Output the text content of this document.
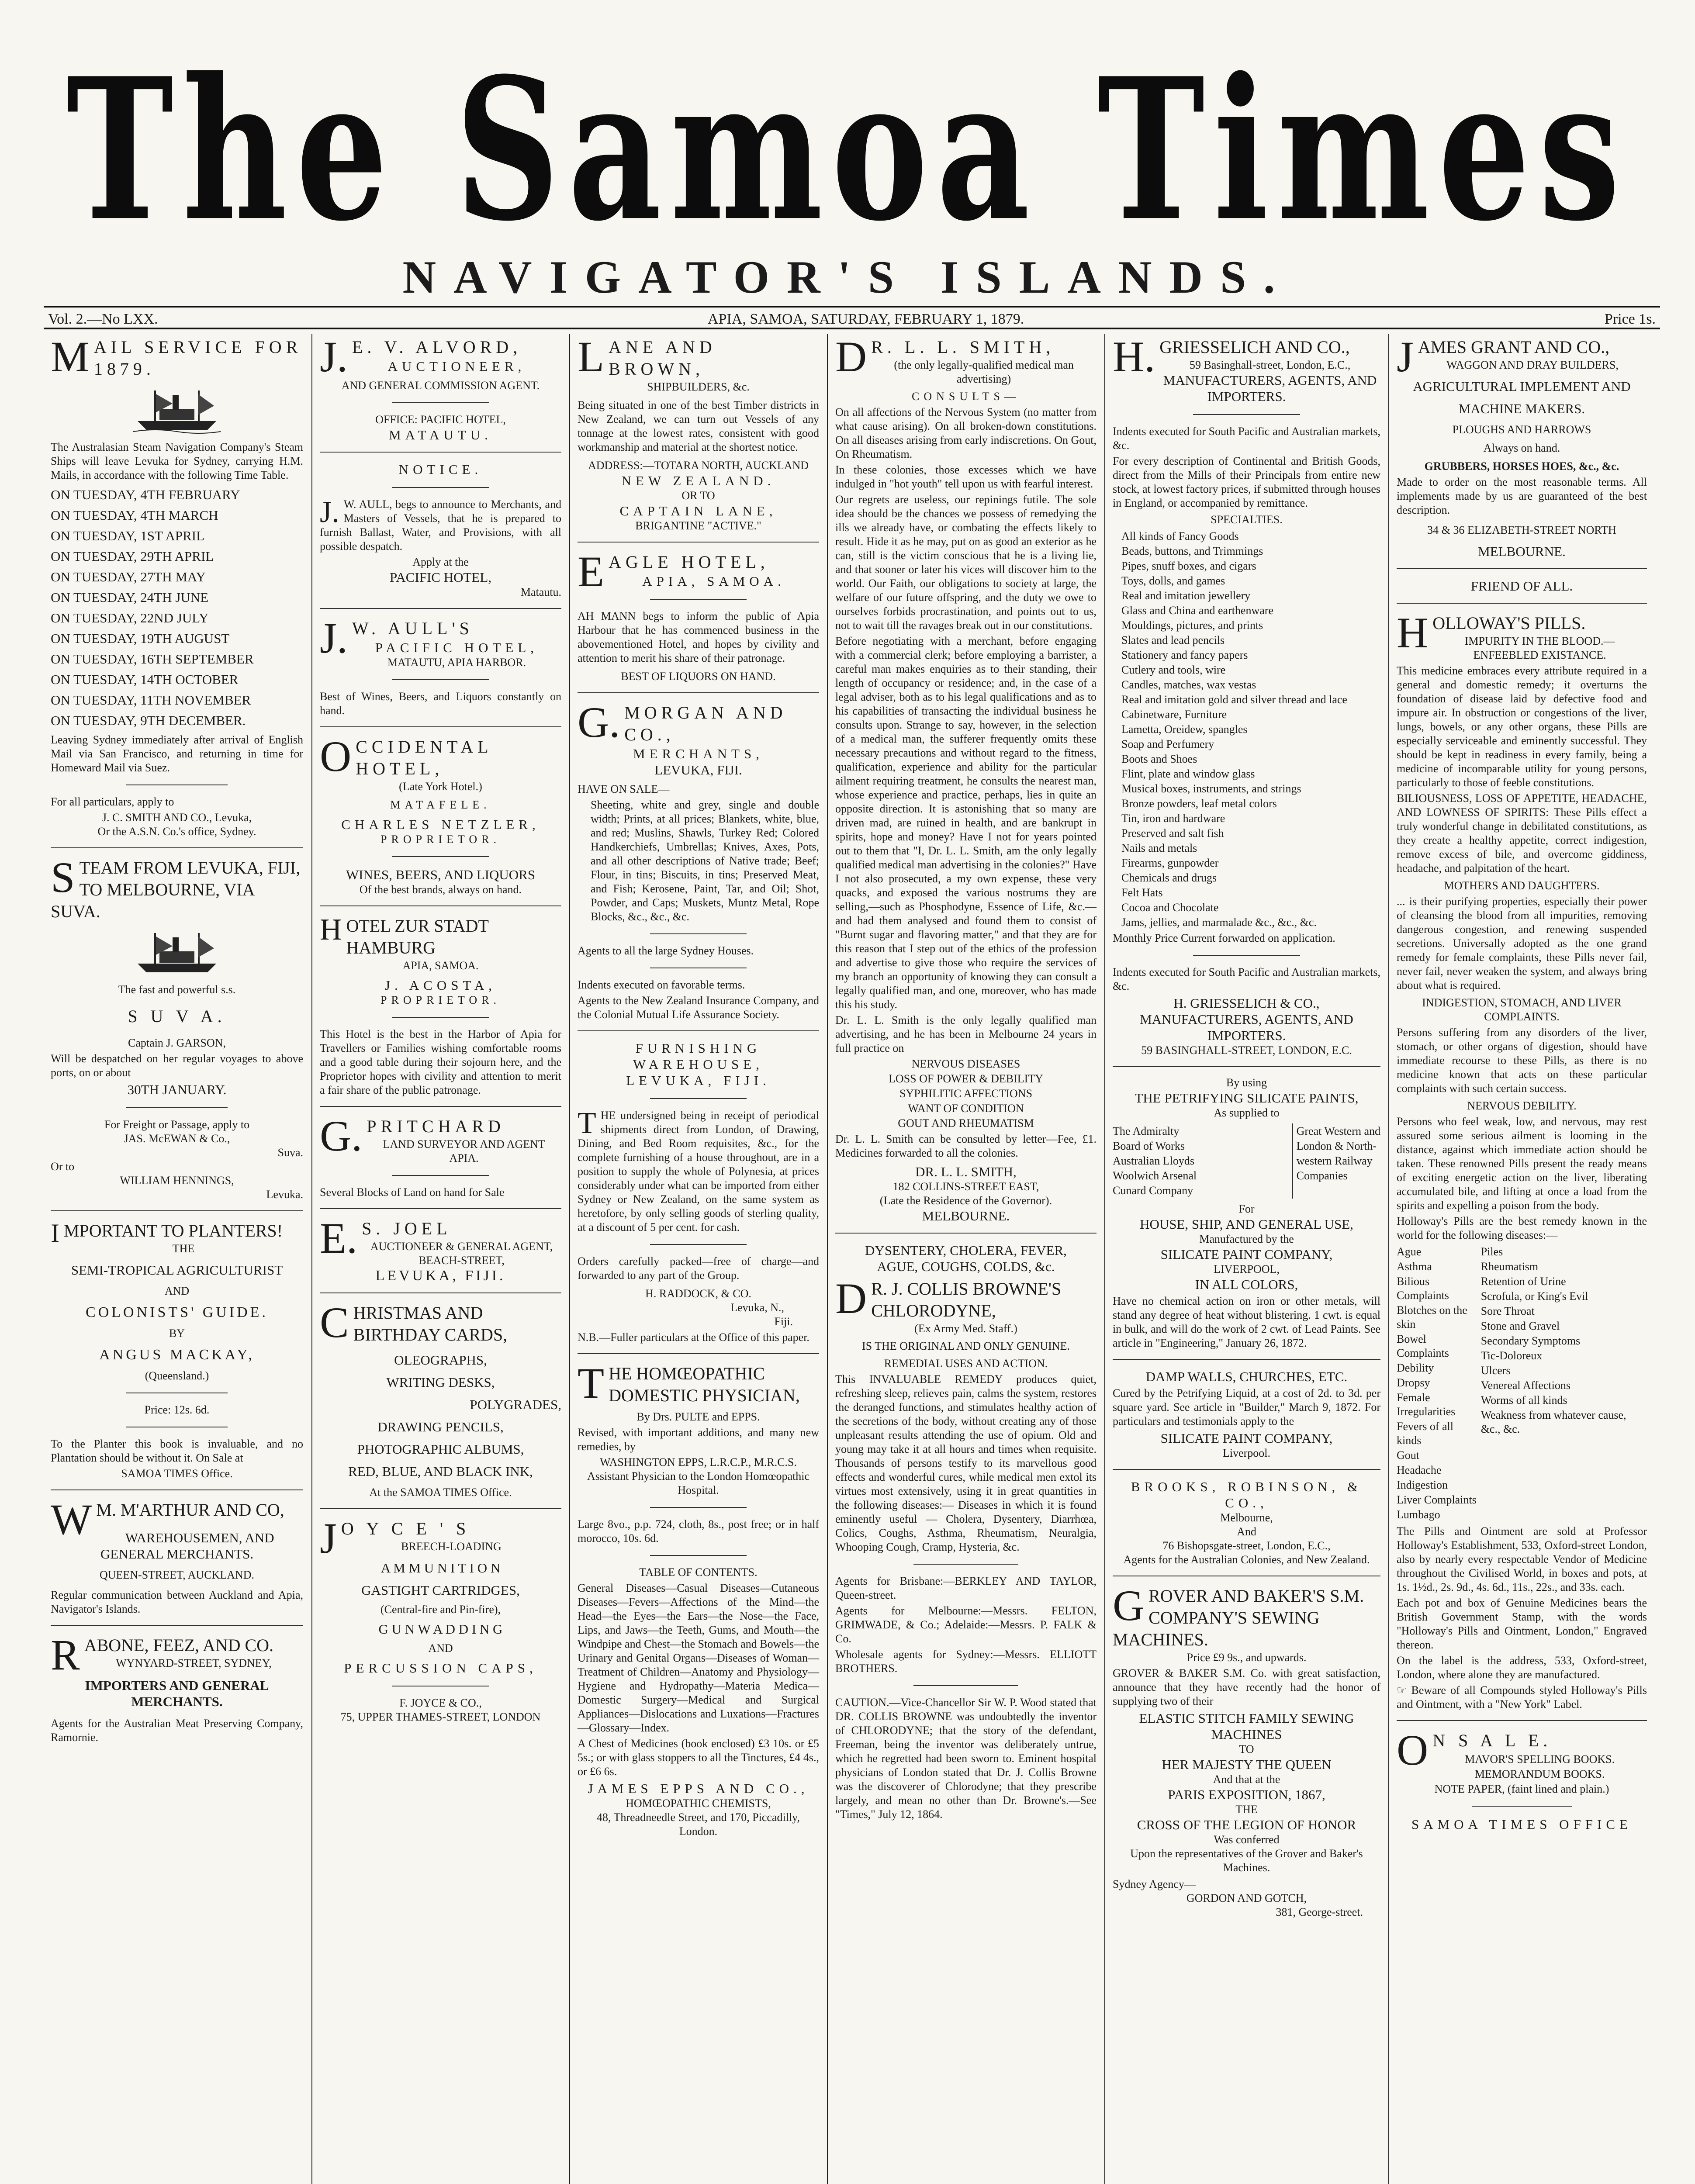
The Samoa Times
NAVIGATOR'S ISLANDS.
Vol. 2.—No LXX.	APIA, SAMOA, SATURDAY, FEBRUARY 1, 1879.	Price 1s.
MAIL SERVICE FOR 1879.

The Australasian Steam Navigation Company's Steam Ships will leave Levuka for Sydney, carrying H.M. Mails, in accordance with the following Time Table.

ON TUESDAY, 4TH FEBRUARY
ON TUESDAY, 4TH MARCH
ON TUESDAY, 1ST APRIL
ON TUESDAY, 29TH APRIL
ON TUESDAY, 27TH MAY
ON TUESDAY, 24TH JUNE
ON TUESDAY, 22ND JULY
ON TUESDAY, 19TH AUGUST
ON TUESDAY, 16TH SEPTEMBER
ON TUESDAY, 14TH OCTOBER
ON TUESDAY, 11TH NOVEMBER
ON TUESDAY, 9TH DECEMBER.

Leaving Sydney immediately after arrival of English Mail via San Francisco, and returning in time for Homeward Mail via Suez.

For all particulars, apply to

J. C. SMITH AND CO., Levuka,
Or the A.S.N. Co.'s office, Sydney.
STEAM FROM LEVUKA, FIJI, TO MELBOURNE, VIA SUVA.
The fast and powerful s.s.
S U V A.
Captain J. GARSON,

Will be despatched on her regular voyages to above ports, on or about

30TH JANUARY.
For Freight or Passage, apply to
JAS. McEWAN & Co.,
Suva.
Or to
WILLIAM HENNINGS,
Levuka.
IMPORTANT TO PLANTERS!
THE
SEMI-TROPICAL AGRICULTURIST
AND
COLONISTS' GUIDE.
BY
ANGUS MACKAY,
(Queensland.)
Price: 12s. 6d.

To the Planter this book is invaluable, and no Plantation should be without it. On Sale at

SAMOA TIMES Office.
W M. M'ARTHUR AND CO,
WAREHOUSEMEN, AND GENERAL MERCHANTS.
QUEEN-STREET, AUCKLAND.

Regular communication between Auckland and Apia, Navigator's Islands.

RABONE, FEEZ, AND CO.
WYNYARD-STREET, SYDNEY,
IMPORTERS AND GENERAL MERCHANTS.

Agents for the Australian Meat Preserving Company, Ramornie.

J. E. V. ALVORD,
AUCTIONEER,
AND GENERAL COMMISSION AGENT.
OFFICE: PACIFIC HOTEL,
MATAUTU.
NOTICE.

J. W. AULL, begs to announce to Merchants, and Masters of Vessels, that he is prepared to furnish Ballast, Water, and Provisions, with all possible despatch.

Apply at the
PACIFIC HOTEL,
Matautu.
J. W. AULL'S
PACIFIC HOTEL,
MATAUTU, APIA HARBOR.

Best of Wines, Beers, and Liquors constantly on hand.

OCCIDENTAL HOTEL,
(Late York Hotel.)
MATAFELE.
CHARLES NETZLER,
PROPRIETOR.
WINES, BEERS, AND LIQUORS
Of the best brands, always on hand.
HOTEL ZUR STADT HAMBURG
APIA, SAMOA.
J. ACOSTA,
PROPRIETOR.

This Hotel is the best in the Harbor of Apia for Travellers or Families wishing comfortable rooms and a good table during their sojourn here, and the Proprietor hopes with civility and attention to merit a fair share of the public patronage.

G. PRITCHARD
LAND SURVEYOR AND AGENT
APIA.

Several Blocks of Land on hand for Sale

E. S. JOEL
AUCTIONEER & GENERAL AGENT,
BEACH-STREET,
LEVUKA, FIJI.
CHRISTMAS AND BIRTHDAY CARDS,
OLEOGRAPHS,
WRITING DESKS,
POLYGRADES,
DRAWING PENCILS,
PHOTOGRAPHIC ALBUMS,
RED, BLUE, AND BLACK INK,
At the SAMOA TIMES Office.
J O Y C E ' S
BREECH-LOADING
A M M U N I T I O N
GASTIGHT CARTRIDGES,
(Central-fire and Pin-fire),
G U N W A D D I N G
AND
PERCUSSION CAPS,
F. JOYCE & CO.,
75, UPPER THAMES-STREET, LONDON
LANE AND BROWN,
SHIPBUILDERS, &c.

Being situated in one of the best Timber districts in New Zealand, we can turn out Vessels of any tonnage at the lowest rates, consistent with good workmanship and material at the shortest notice.

ADDRESS:—TOTARA NORTH, AUCKLAND
NEW ZEALAND.
OR TO
CAPTAIN LANE,
BRIGANTINE "ACTIVE."
EAGLE HOTEL,
APIA, SAMOA.

AH MANN begs to inform the public of Apia Harbour that he has commenced business in the abovementioned Hotel, and hopes by civility and attention to merit his share of their patronage.

BEST OF LIQUORS ON HAND.
G. MORGAN AND CO.,
MERCHANTS,
LEVUKA, FIJI.
HAVE ON SALE—

Sheeting, white and grey, single and double width; Prints, at all prices; Blankets, white, blue, and red; Muslins, Shawls, Turkey Red; Colored Handkerchiefs, Umbrellas; Knives, Axes, Pots, and all other descriptions of Native trade; Beef; Flour, in tins; Biscuits, in tins; Preserved Meat, and Fish; Kerosene, Paint, Tar, and Oil; Shot, Powder, and Caps; Muskets, Muntz Metal, Rope Blocks, &c., &c., &c.

Agents to all the large Sydney Houses.

Indents executed on favorable terms.

Agents to the New Zealand Insurance Company, and the Colonial Mutual Life Assurance Society.

FURNISHING WAREHOUSE,
LEVUKA, FIJI.

THE undersigned being in receipt of periodical shipments direct from London, of Drawing, Dining, and Bed Room requisites, &c., for the complete furnishing of a house throughout, are in a position to supply the whole of Polynesia, at prices considerably under what can be imported from either Sydney or New Zealand, on the same system as heretofore, by only selling goods of sterling quality, at a discount of 5 per cent. for cash.

Orders carefully packed—free of charge—and forwarded to any part of the Group.

H. RADDOCK, & CO.
Levuka, N.,
Fiji.

N.B.—Fuller particulars at the Office of this paper.

THE HOMŒOPATHIC DOMESTIC PHYSICIAN,
By Drs. PULTE and EPPS.

Revised, with important additions, and many new remedies, by

WASHINGTON EPPS, L.R.C.P., M.R.C.S.
Assistant Physician to the London Homœopathic Hospital.

Large 8vo., p.p. 724, cloth, 8s., post free; or in half morocco, 10s. 6d.

TABLE OF CONTENTS.

General Diseases—Casual Diseases—Cutaneous Diseases—Fevers—Affections of the Mind—the Head—the Eyes—the Ears—the Nose—the Face, Lips, and Jaws—the Teeth, Gums, and Mouth—the Windpipe and Chest—the Stomach and Bowels—the Urinary and Genital Organs—Diseases of Woman—Treatment of Children—Anatomy and Physiology—Hygiene and Hydropathy—Materia Medica—Domestic Surgery—Medical and Surgical Appliances—Dislocations and Luxations—Fractures—Glossary—Index.

A Chest of Medicines (book enclosed) £3 10s. or £5 5s.; or with glass stoppers to all the Tinctures, £4 4s., or £6 6s.

JAMES EPPS AND CO.,
HOMŒOPATHIC CHEMISTS,
48, Threadneedle Street, and 170, Piccadilly, London.
D R. L. L. SMITH,
(the only legally-qualified medical man advertising)
CONSULTS—

On all affections of the Nervous System (no matter from what cause arising). On all broken-down constitutions. On all diseases arising from early indiscretions. On Gout, On Rheumatism.

In these colonies, those excesses which we have indulged in "hot youth" tell upon us with fearful interest.

Our regrets are useless, our repinings futile. The sole idea should be the chances we possess of remedying the ills we already have, or combating the effects likely to result. Hide it as he may, put on as good an exterior as he can, still is the victim conscious that he is a living lie, and that sooner or later his vices will discover him to the world. Our Faith, our obligations to society at large, the welfare of our future offspring, and the duty we owe to ourselves forbids procrastination, and points out to us, not to wait till the ravages break out in our constitutions.

Before negotiating with a merchant, before engaging with a commercial clerk; before employing a barrister, a careful man makes enquiries as to their standing, their length of occupancy or residence; and, in the case of a legal adviser, both as to his legal qualifications and as to his capabilities of transacting the individual business he consults upon. Strange to say, however, in the selection of a medical man, the sufferer frequently omits these necessary precautions and without regard to the fitness, qualification, experience and ability for the particular ailment requiring treatment, he consults the nearest man, whose experience and practice, perhaps, lies in quite an opposite direction. It is astonishing that so many are driven mad, are ruined in health, and are bankrupt in spirits, hope and money? Have I not for years pointed out to them that "I, Dr. L. L. Smith, am the only legally qualified medical man advertising in the colonies?" Have I not also prosecuted, a my own expense, these very quacks, and exposed the various nostrums they are selling,—such as Phosphodyne, Essence of Life, &c.—and had them analysed and found them to consist of "Burnt sugar and flavoring matter," and that they are for this reason that I step out of the ethics of the profession and advertise to give those who require the services of my branch an opportunity of knowing they can consult a legally qualified man, and one, moreover, who has made this his study.

Dr. L. L. Smith is the only legally qualified man advertising, and he has been in Melbourne 24 years in full practice on

NERVOUS DISEASES
LOSS OF POWER & DEBILITY
SYPHILITIC AFFECTIONS
WANT OF CONDITION
GOUT AND RHEUMATISM

Dr. L. L. Smith can be consulted by letter—Fee, £1. Medicines forwarded to all the colonies.

DR. L. L. SMITH,
182 COLLINS-STREET EAST,
(Late the Residence of the Governor).
MELBOURNE.
DYSENTERY, CHOLERA, FEVER,
AGUE, COUGHS, COLDS, &c.
D R. J. COLLIS BROWNE'S CHLORODYNE,
(Ex Army Med. Staff.)
IS THE ORIGINAL AND ONLY GENUINE.
REMEDIAL USES AND ACTION.

This INVALUABLE REMEDY produces quiet, refreshing sleep, relieves pain, calms the system, restores the deranged functions, and stimulates healthy action of the secretions of the body, without creating any of those unpleasant results attending the use of opium. Old and young may take it at all hours and times when requisite. Thousands of persons testify to its marvellous good effects and wonderful cures, while medical men extol its virtues most extensively, using it in great quantities in the following diseases:— Diseases in which it is found eminently useful — Cholera, Dysentery, Diarrhœa, Colics, Coughs, Asthma, Rheumatism, Neuralgia, Whooping Cough, Cramp, Hysteria, &c.

Agents for Brisbane:—BERKLEY AND TAYLOR, Queen-street.

Agents for Melbourne:—Messrs. FELTON, GRIMWADE, & Co.; Adelaide:—Messrs. P. FALK & Co.

Wholesale agents for Sydney:—Messrs. ELLIOTT BROTHERS.

CAUTION.—Vice-Chancellor Sir W. P. Wood stated that DR. COLLIS BROWNE was undoubtedly the inventor of CHLORODYNE; that the story of the defendant, Freeman, being the inventor was deliberately untrue, which he regretted had been sworn to. Eminent hospital physicians of London stated that Dr. J. Collis Browne was the discoverer of Chlorodyne; that they prescribe largely, and mean no other than Dr. Browne's.—See "Times," July 12, 1864.

H. GRIESSELICH AND CO.,
59 Basinghall-street, London, E.C.,
MANUFACTURERS, AGENTS, AND IMPORTERS.

Indents executed for South Pacific and Australian markets, &c.

For every description of Continental and British Goods, direct from the Mills of their Principals from entire new stock, at lowest factory prices, if submitted through houses in England, or accompanied by remittance.

SPECIALTIES.
All kinds of Fancy Goods
Beads, buttons, and Trimmings
Pipes, snuff boxes, and cigars
Toys, dolls, and games
Real and imitation jewellery
Glass and China and earthenware
Mouldings, pictures, and prints
Slates and lead pencils
Stationery and fancy papers
Cutlery and tools, wire
Candles, matches, wax vestas
Real and imitation gold and silver thread and lace
Cabinetware, Furniture
Lametta, Oreidew, spangles
Soap and Perfumery
Boots and Shoes
Flint, plate and window glass
Musical boxes, instruments, and strings
Bronze powders, leaf metal colors
Tin, iron and hardware
Preserved and salt fish
Nails and metals
Firearms, gunpowder
Chemicals and drugs
Felt Hats
Cocoa and Chocolate
Jams, jellies, and marmalade &c., &c., &c.

Monthly Price Current forwarded on application.

Indents executed for South Pacific and Australian markets, &c.

H. GRIESSELICH & CO.,
MANUFACTURERS, AGENTS, AND IMPORTERS.
59 BASINGHALL-STREET, LONDON, E.C.
By using
THE PETRIFYING SILICATE PAINTS,
As supplied to
The Admiralty
Board of Works
Australian Lloyds
Woolwich Arsenal
Cunard Company
Great Western and
London & North-
western Railway
Companies
For
HOUSE, SHIP, AND GENERAL USE,
Manufactured by the
SILICATE PAINT COMPANY,
LIVERPOOL,
IN ALL COLORS,

Have no chemical action on iron or other metals, will stand any degree of heat without blistering. 1 cwt. is equal in bulk, and will do the work of 2 cwt. of Lead Paints. See article in "Engineering," January 26, 1872.

DAMP WALLS, CHURCHES, ETC.

Cured by the Petrifying Liquid, at a cost of 2d. to 3d. per square yard. See article in "Builder," March 9, 1872. For particulars and testimonials apply to the

SILICATE PAINT COMPANY,
Liverpool.
BROOKS, ROBINSON, & CO.,
Melbourne,
And
76 Bishopsgate-street, London, E.C.,
Agents for the Australian Colonies, and New Zealand.
GROVER AND BAKER'S S.M. COMPANY'S SEWING MACHINES.
Price £9 9s., and upwards.

GROVER & BAKER S.M. Co. with great satisfaction, announce that they have recently had the honor of supplying two of their

ELASTIC STITCH FAMILY SEWING MACHINES
TO
HER MAJESTY THE QUEEN
And that at the
PARIS EXPOSITION, 1867,
THE
CROSS OF THE LEGION OF HONOR
Was conferred
Upon the representatives of the Grover and Baker's Machines.
Sydney Agency—
GORDON AND GOTCH,
381, George-street.
JAMES GRANT AND CO.,
WAGGON AND DRAY BUILDERS,
AGRICULTURAL IMPLEMENT AND
MACHINE MAKERS.
PLOUGHS AND HARROWS
Always on hand.
GRUBBERS, HORSES HOES, &c., &c.

Made to order on the most reasonable terms. All implements made by us are guaranteed of the best description.

34 & 36 ELIZABETH-STREET NORTH
MELBOURNE.
FRIEND OF ALL.
HOLLOWAY'S PILLS.
IMPURITY IN THE BLOOD.—ENFEEBLED EXISTANCE.

This medicine embraces every attribute required in a general and domestic remedy; it overturns the foundation of disease laid by defective food and impure air. In obstruction or congestions of the liver, lungs, bowels, or any other organs, these Pills are especially serviceable and eminently successful. They should be kept in readiness in every family, being a medicine of incomparable utility for young persons, particularly to those of feeble constitutions.

BILIOUSNESS, LOSS OF APPETITE, HEADACHE, AND LOWNESS OF SPIRITS: These Pills effect a truly wonderful change in debilitated constitutions, as they create a healthy appetite, correct indigestion, remove excess of bile, and overcome giddiness, headache, and palpitation of the heart.

MOTHERS AND DAUGHTERS.

... is their purifying properties, especially their power of cleansing the blood from all impurities, removing dangerous congestion, and renewing suspended secretions. Universally adopted as the one grand remedy for female complaints, these Pills never fail, never fail, never weaken the system, and always bring about what is required.

INDIGESTION, STOMACH, AND LIVER COMPLAINTS.

Persons suffering from any disorders of the liver, stomach, or other organs of digestion, should have immediate recourse to these Pills, as there is no medicine known that acts on these particular complaints with such certain success.

NERVOUS DEBILITY.

Persons who feel weak, low, and nervous, may rest assured some serious ailment is looming in the distance, against which immediate action should be taken. These renowned Pills present the ready means of exciting energetic action on the liver, liberating accumulated bile, and lifting at once a load from the spirits and expelling a poison from the body.

Holloway's Pills are the best remedy known in the world for the following diseases:—

Ague
Asthma
Bilious Complaints
Blotches on the skin
Bowel Complaints
Debility
Dropsy
Female Irregularities
Fevers of all kinds
Gout
Headache
Indigestion
Liver Complaints
Lumbago
Piles
Rheumatism
Retention of Urine
Scrofula, or King's Evil
Sore Throat
Stone and Gravel
Secondary Symptoms
Tic-Doloreux
Ulcers
Venereal Affections
Worms of all kinds
Weakness from whatever cause, &c., &c.

The Pills and Ointment are sold at Professor Holloway's Establishment, 533, Oxford-street London, also by nearly every respectable Vendor of Medicine throughout the Civilised World, in boxes and pots, at 1s. 1½d., 2s. 9d., 4s. 6d., 11s., 22s., and 33s. each.

Each pot and box of Genuine Medicines bears the British Government Stamp, with the words "Holloway's Pills and Ointment, London," Engraved thereon.

On the label is the address, 533, Oxford-street, London, where alone they are manufactured.

☞ Beware of all Compounds styled Holloway's Pills and Ointment, with a "New York" Label.

O N S A L E.
MAVOR'S SPELLING BOOKS.
MEMORANDUM BOOKS.
NOTE PAPER, (faint lined and plain.)
SAMOA TIMES OFFICE
